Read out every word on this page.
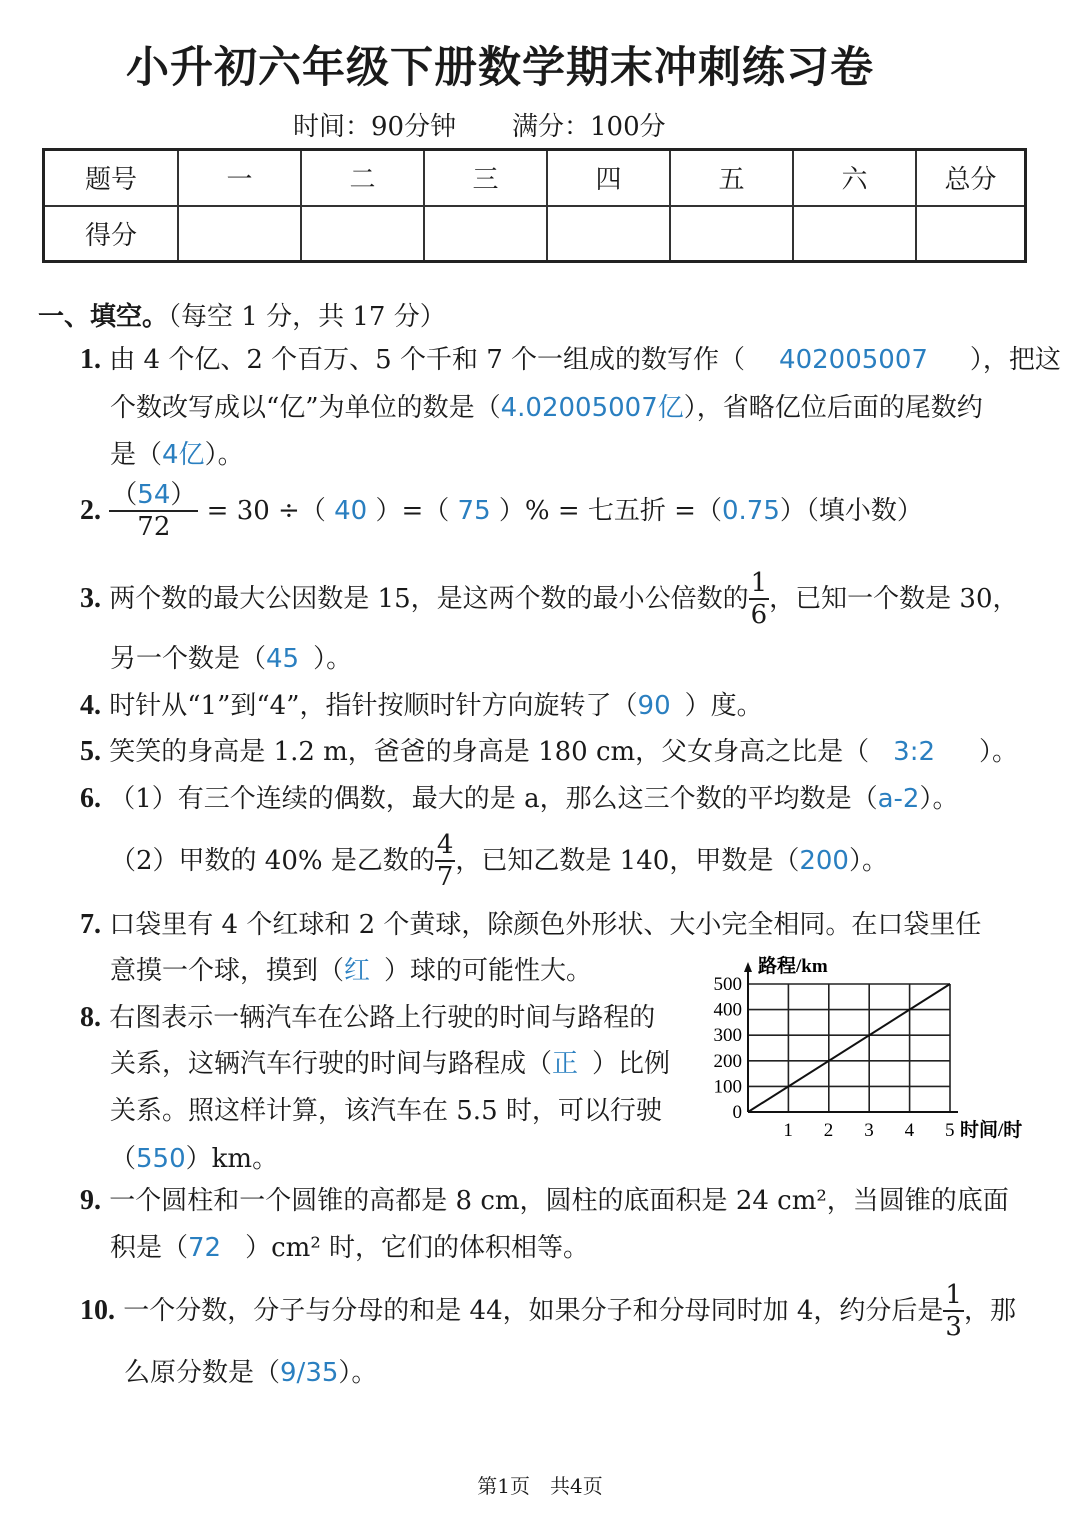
小升初六年级下册数学期末冲刺练习卷
时间：90分钟 满分：100分
题号	一	二	三	四	五	六	总分
得分							
一、填空。（每空 1 分，共 17 分）
1. 由 4 个亿、2 个百万、5 个千和 7 个一组成的数写作（ 402005007 ），把这
个数改写成以“亿”为单位的数是（4.02005007亿），省略亿位后面的尾数约
是（4亿）。
2. $\frac{(54)}{72} = 30$ ÷（ 40 ）=（ 75 ）% = 七五折 =（0.75）（填小数）
3. 两个数的最大公因数是 15，是这两个数的最小公倍数的 $\frac{1}{6}$ ，已知一个数是 30，
另一个数是（45 ）。
4. 时针从“1”到“4”，指针按顺时针方向旋转了（90 ）度。
5. 笑笑的身高是 1.2 m，爸爸的身高是 180 cm，父女身高之比是（ 3:2 ）。
6. （1）有三个连续的偶数，最大的是 a，那么这三个数的平均数是（a-2）。
（2）甲数的 40% 是乙数的 $\frac{4}{7}$ ，已知乙数是 140，甲数是（200）。
7. 口袋里有 4 个红球和 2 个黄球，除颜色外形状、大小完全相同。在口袋里任
意摸一个球，摸到（红 ）球的可能性大。
8. 右图表示一辆汽车在公路上行驶的时间与路程的
关系，这辆汽车行驶的时间与路程成（正 ）比例
关系。照这样计算，该汽车在 5.5 时，可以行驶
（550）km。
路程/km
时间/时
1 2 3 4 5
0
100
200
300
400
500
9. 一个圆柱和一个圆锥的高都是 8 cm，圆柱的底面积是 24 cm²，当圆锥的底面
积是（72 ）cm² 时，它们的体积相等。
10. 一个分数，分子与分母的和是 44，如果分子和分母同时加 4，约分后是 $\frac{1}{3}$ ，那
么原分数是（9/35）。
第1页　共4页
